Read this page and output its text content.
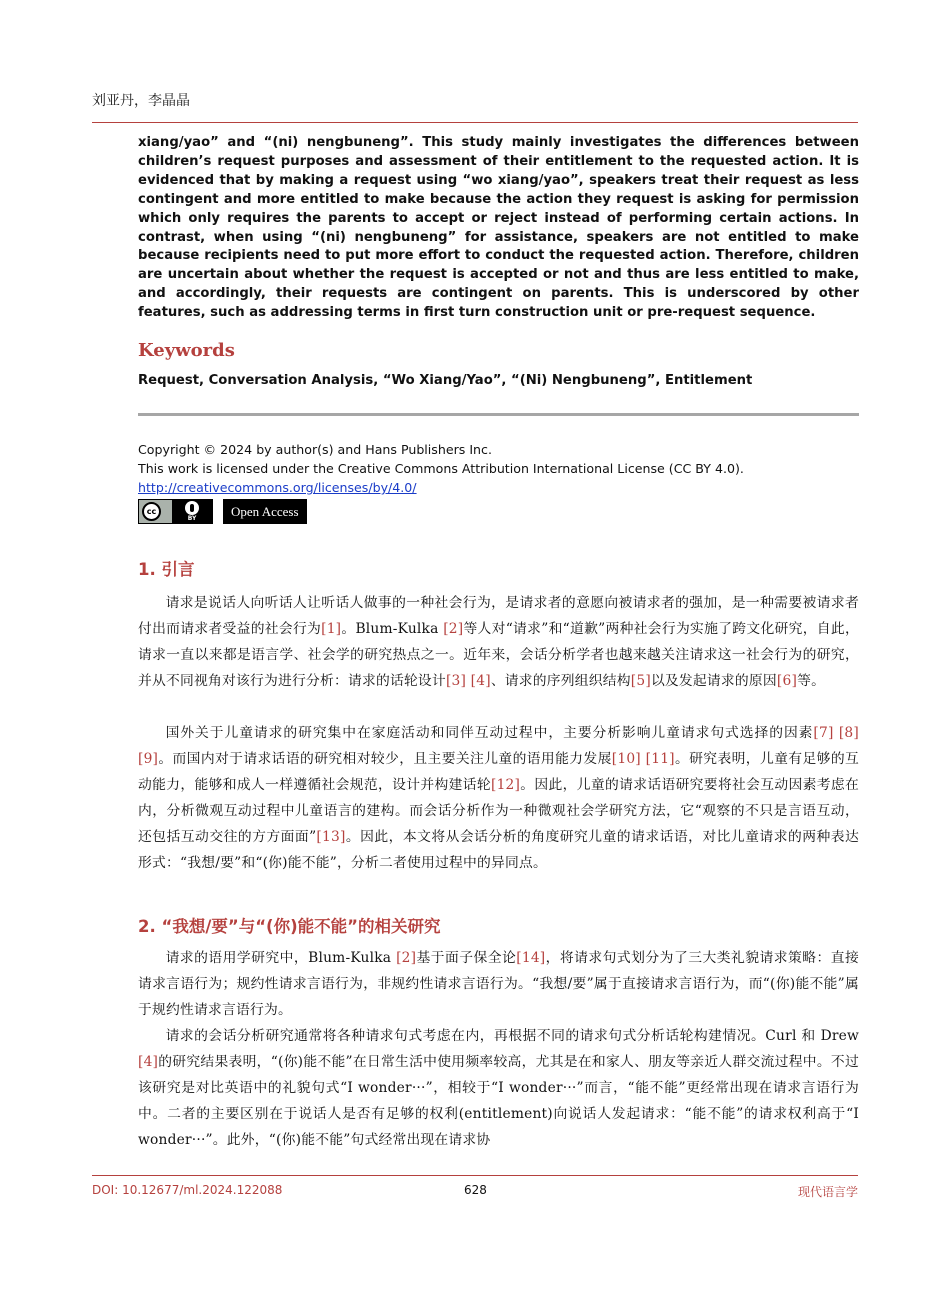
刘亚丹，李晶晶
xiang/yao” and “(ni) nengbuneng”. This study mainly investigates the differences between children’s request purposes and assessment of their entitlement to the requested action. It is evidenced that by making a request using “wo xiang/yao”, speakers treat their request as less contingent and more entitled to make because the action they request is asking for permission which only requires the parents to accept or reject instead of performing certain actions. In contrast, when using “(ni) nengbuneng” for assistance, speakers are not entitled to make because recipients need to put more effort to conduct the requested action. Therefore, children are uncertain about whether the request is accepted or not and thus are less entitled to make, and accordingly, their requests are contingent on parents. This is underscored by other features, such as addressing terms in first turn construction unit or pre-request sequence.
Keywords
Request, Conversation Analysis, “Wo Xiang/Yao”, “(Ni) Nengbuneng”, Entitlement
Copyright © 2024 by author(s) and Hans Publishers Inc.
This work is licensed under the Creative Commons Attribution International License (CC BY 4.0).
http://creativecommons.org/licenses/by/4.0/
cc
BY	Open Access
1. 引言
请求是说话人向听话人让听话人做事的一种社会行为，是请求者的意愿向被请求者的强加，是一种需要被请求者付出而请求者受益的社会行为[1]。Blum-Kulka [2]等人对“请求”和“道歉”两种社会行为实施了跨文化研究，自此，请求一直以来都是语言学、社会学的研究热点之一。近年来，会话分析学者也越来越关注请求这一社会行为的研究，并从不同视角对该行为进行分析：请求的话轮设计[3] [4]、请求的序列组织结构[5]以及发起请求的原因[6]等。
国外关于儿童请求的研究集中在家庭活动和同伴互动过程中，主要分析影响儿童请求句式选择的因素[7] [8] [9]。而国内对于请求话语的研究相对较少，且主要关注儿童的语用能力发展[10] [11]。研究表明，儿童有足够的互动能力，能够和成人一样遵循社会规范，设计并构建话轮[12]。因此，儿童的请求话语研究要将社会互动因素考虑在内，分析微观互动过程中儿童语言的建构。而会话分析作为一种微观社会学研究方法，它“观察的不只是言语互动，还包括互动交往的方方面面”[13]。因此，本文将从会话分析的角度研究儿童的请求话语，对比儿童请求的两种表达形式：“我想/要”和“(你)能不能”，分析二者使用过程中的异同点。
2. “我想/要”与“(你)能不能”的相关研究
请求的语用学研究中，Blum-Kulka [2]基于面子保全论[14]，将请求句式划分为了三大类礼貌请求策略：直接请求言语行为；规约性请求言语行为，非规约性请求言语行为。“我想/要”属于直接请求言语行为，而“(你)能不能”属于规约性请求言语行为。
请求的会话分析研究通常将各种请求句式考虑在内，再根据不同的请求句式分析话轮构建情况。Curl 和 Drew [4]的研究结果表明，“(你)能不能”在日常生活中使用频率较高，尤其是在和家人、朋友等亲近人群交流过程中。不过该研究是对比英语中的礼貌句式“I wonder···”，相较于“I wonder···”而言，“能不能”更经常出现在请求言语行为中。二者的主要区别在于说话人是否有足够的权利(entitlement)向说话人发起请求：“能不能”的请求权利高于“I wonder···”。此外，“(你)能不能”句式经常出现在请求协
DOI: 10.12677/ml.2024.122088	628	现代语言学
